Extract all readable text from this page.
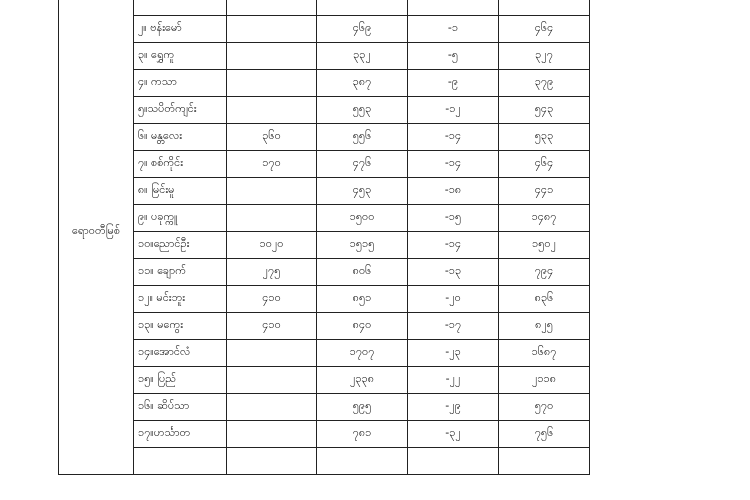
ရောဝတီမြစ်					
	၂။ ဗန်းမော်		၄၆၉	-၁	၄၆၄
	၃။ ရွှေကူ		၃၃၂	-၅	၃၂၇
	၄။ ကသာ		၃၈၇	-၉	၃၇၉
	၅။သပိတ်ကျင်း		၅၅၃	-၁၂	၅၄၃
	၆။ မန္တလေး	၃၆၀	၅၅၆	-၁၄	၅၃၃
	၇။ စစ်ကိုင်း	၁၇၀	၄၇၆	-၁၄	၄၆၄
	၈။ မြင်းမူ		၄၅၃	-၁၈	၄၄၁
	၉။ ပခုက္ကူ		၁၅၀၀	-၁၅	၁၄၈၇
	၁၀။ညောင်ဦး	၁၀၂၀	၁၅၁၅	-၁၄	၁၅၀၂
	၁၁။ ချောက်	၂၇၅	၈၀၆	-၁၃	၇၉၄
	၁၂။ မင်းဘူး	၄၁၀	၈၅၁	-၂၀	၈၃၆
	၁၃။ မကွေး	၄၁၀	၈၄၀	-၁၇	၈၂၅
	၁၄။အောင်လံ		၁၇၀၇	-၂၃	၁၆၈၇
	၁၅။ ပြည်		၂၃၃၈	-၂၂	၂၁၁၈
	၁၆။ ဆိပ်သာ		၅၉၅	-၂၉	၅၇၀
	၁၇။ဟင်္သာတ		၇၈၁	-၃၂	၇၅၆
